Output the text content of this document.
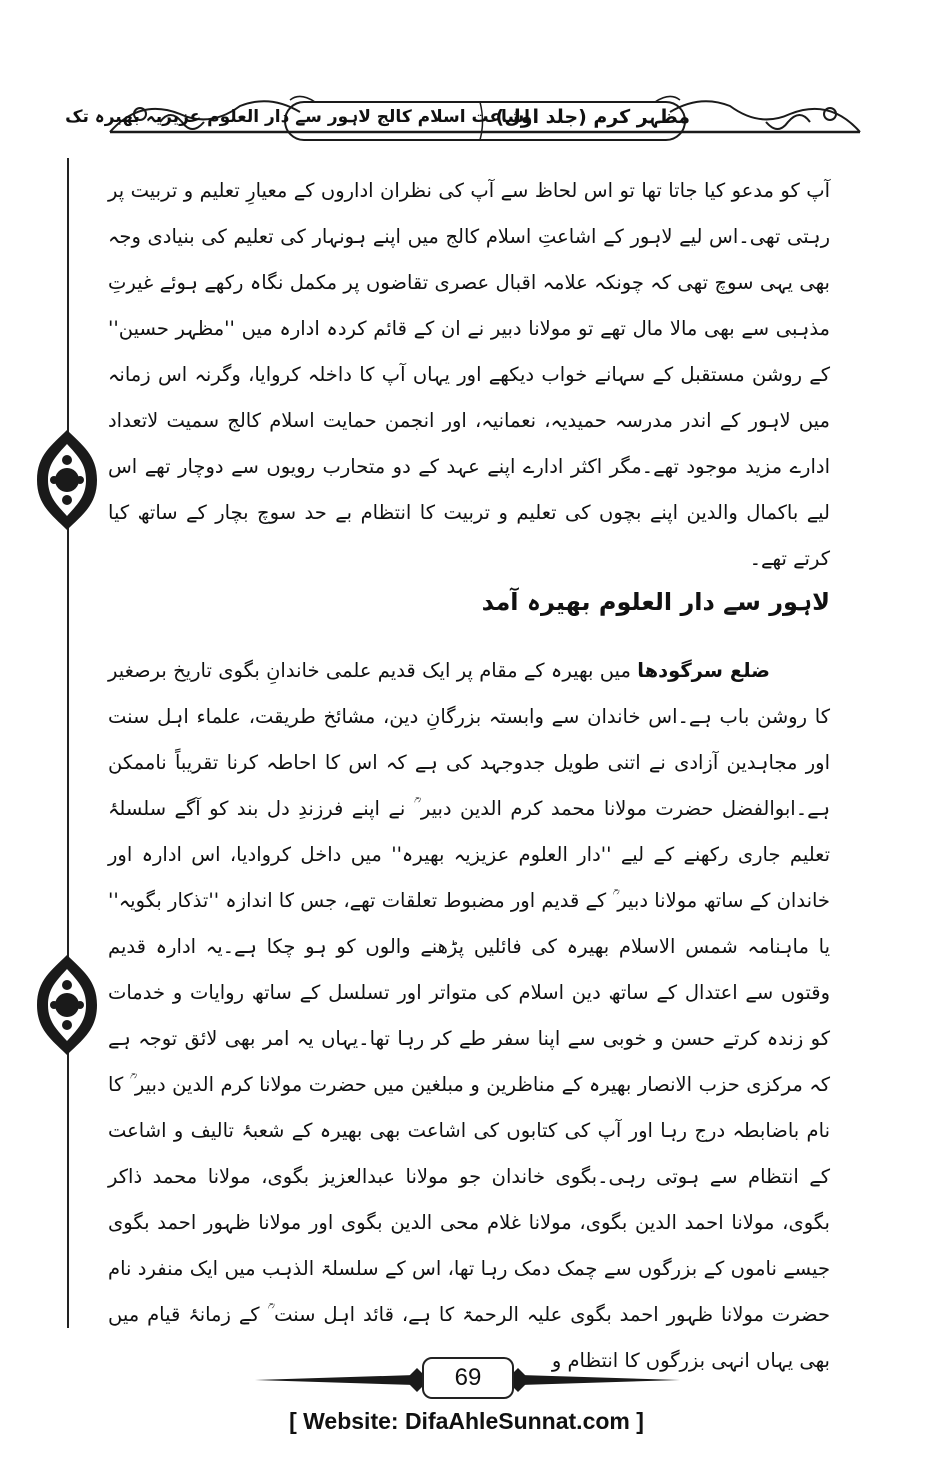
مظہر کرم (جلد اول)
اشاعت اسلام کالج لاہور سے دار العلوم عزیزیہ بھیرہ تک
آپ کو مدعو کیا جاتا تھا تو اس لحاظ سے آپ کی نظران اداروں کے معیارِ تعلیم و تربیت پر رہتی تھی۔اس لیے لاہور کے اشاعتِ اسلام کالج میں اپنے ہونہار کی تعلیم کی بنیادی وجہ بھی یہی سوچ تھی کہ چونکہ علامہ اقبال عصری تقاضوں پر مکمل نگاہ رکھے ہوئے غیرتِ مذہبی سے بھی مالا مال تھے تو مولانا دبیر نے ان کے قائم کردہ ادارہ میں ''مظہر حسین'' کے روشن مستقبل کے سہانے خواب دیکھے اور یہاں آپ کا داخلہ کروایا، وگرنہ اس زمانہ میں لاہور کے اندر مدرسہ حمیدیہ، نعمانیہ، اور انجمن حمایت اسلام کالج سمیت لاتعداد ادارے مزید موجود تھے۔مگر اکثر ادارے اپنے عہد کے دو متحارب رویوں سے دوچار تھے اس لیے باکمال والدین اپنے بچوں کی تعلیم و تربیت کا انتظام بے حد سوچ بچار کے ساتھ کیا کرتے تھے۔
لاہور سے دار العلوم بھیرہ آمد
ضلع سرگودھا میں بھیرہ کے مقام پر ایک قدیم علمی خاندانِ بگوی تاریخ برصغیر کا روشن باب ہے۔اس خاندان سے وابستہ بزرگانِ دین، مشائخ طریقت، علماء اہل سنت اور مجاہدین آزادی نے اتنی طویل جدوجہد کی ہے کہ اس کا احاطہ کرنا تقریباً ناممکن ہے۔ابوالفضل حضرت مولانا محمد کرم الدین دبیر ؒ نے اپنے فرزندِ دل بند کو آگے سلسلۂ تعلیم جاری رکھنے کے لیے ''دار العلوم عزیزیہ بھیرہ'' میں داخل کروادیا، اس ادارہ اور خاندان کے ساتھ مولانا دبیر ؒ کے قدیم اور مضبوط تعلقات تھے، جس کا اندازہ ''تذکار بگویہ'' یا ماہنامہ شمس الاسلام بھیرہ کی فائلیں پڑھنے والوں کو ہو چکا ہے۔یہ ادارہ قدیم وقتوں سے اعتدال کے ساتھ دین اسلام کی متواتر اور تسلسل کے ساتھ روایات و خدمات کو زندہ کرتے حسن و خوبی سے اپنا سفر طے کر رہا تھا۔یہاں یہ امر بھی لائق توجہ ہے کہ مرکزی حزب الانصار بھیرہ کے مناظرین و مبلغین میں حضرت مولانا کرم الدین دبیر ؒ کا نام باضابطہ درج رہا اور آپ کی کتابوں کی اشاعت بھی بھیرہ کے شعبۂ تالیف و اشاعت کے انتظام سے ہوتی رہی۔بگوی خاندان جو مولانا عبدالعزیز بگوی، مولانا محمد ذاکر بگوی، مولانا احمد الدین بگوی، مولانا غلام محی الدین بگوی اور مولانا ظہور احمد بگوی جیسے ناموں کے بزرگوں سے چمک دمک رہا تھا، اس کے سلسلۃ الذہب میں ایک منفرد نام حضرت مولانا ظہور احمد بگوی علیہ الرحمۃ کا ہے، قائد اہل سنت ؒ کے زمانۂ قیام میں بھی یہاں انہی بزرگوں کا انتظام و
69
[ Website: DifaAhleSunnat.com ]
